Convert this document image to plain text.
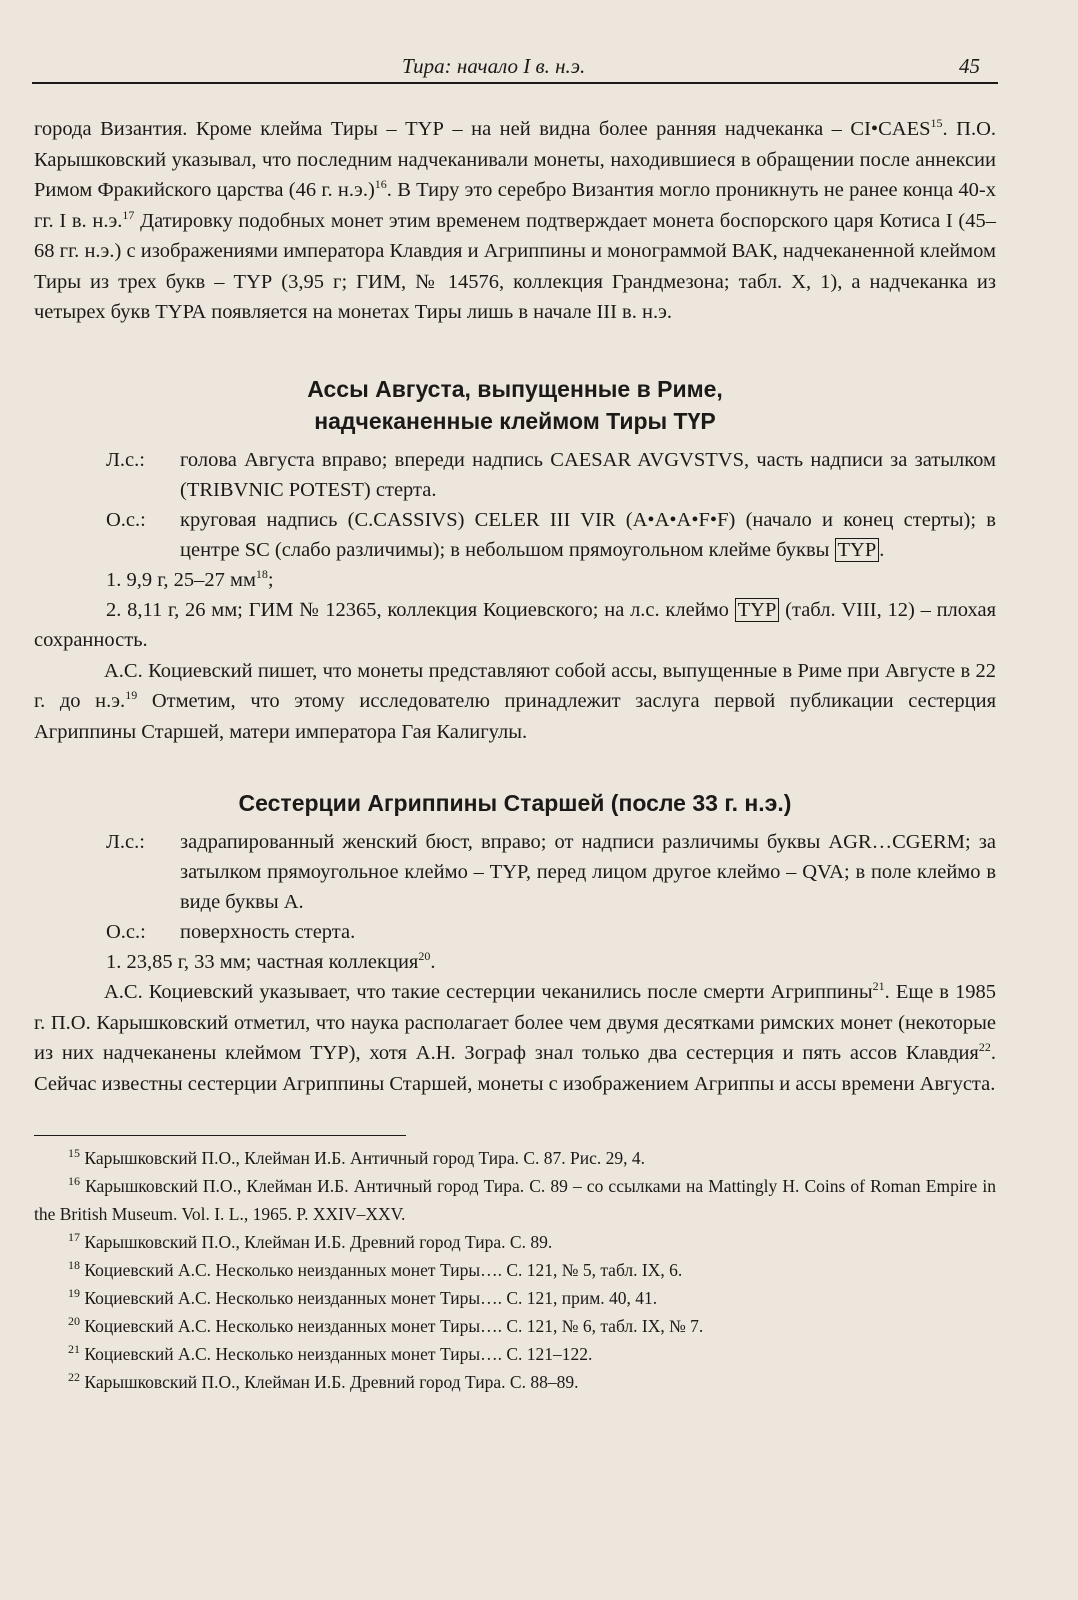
Тира: начало I в. н.э.	45

города Византия. Кроме клейма Тиры – ТҮР – на ней видна более ранняя надчеканка – CI•CAES$^{15}$. П.О. Карышковский указывал, что последним надчеканивали монеты, находившиеся в обращении после аннексии Римом Фракийского царства (46 г. н.э.)$^{16}$. В Тиру это серебро Византия могло проникнуть не ранее конца 40-х гг. I в. н.э.$^{17}$ Датировку подобных монет этим временем подтверждает монета боспорского царя Котиса I (45–68 гг. н.э.) с изображениями императора Клавдия и Агриппины и монограммой ВАК, надчеканенной клеймом Тиры из трех букв – ТҮР (3,95 г; ГИМ, № 14576, коллекция Грандмезона; табл. X, 1), а надчеканка из четырех букв ТҮРА появляется на монетах Тиры лишь в начале III в. н.э.

Ассы Августа, выпущенные в Риме,
надчеканенные клеймом Тиры ТҮР
Л.с.:	голова Августа вправо; впереди надпись CAESAR AVGVSTVS, часть надписи за затылком (TRIBVNIC POTEST) стерта.
О.с.:	круговая надпись (C.CASSIVS) CELER III VIR (A•A•A•F•F) (начало и конец стерты); в центре SC (слабо различимы); в небольшом прямоугольном клейме буквы ТҮР .
1. 9,9 г, 25–27 $мм^{18}$;

2. 8,11 г, 26 мм; ГИМ № 12365, коллекция Коциевского; на л.с. клеймо ТҮР (табл. VIII, 12) – плохая сохранность.

А.С. Коциевский пишет, что монеты представляют собой ассы, выпущенные в Риме при Августе в 22 г. до н.э.$^{19}$ Отметим, что этому исследователю принадлежит заслуга первой публикации сестерция Агриппины Старшей, матери императора Гая Калигулы.

Сестерции Агриппины Старшей (после 33 г. н.э.)
Л.с.:	задрапированный женский бюст, вправо; от надписи различимы буквы AGR…CGERM; за затылком прямоугольное клеймо – ТҮР, перед лицом другое клеймо – QVA; в поле клеймо в виде буквы А.
О.с.:	поверхность стерта.
1. 23,85 г, 33 мм; частная коллекция$^{20}$.

А.С. Коциевский указывает, что такие сестерции чеканились после смерти Агриппины$^{21}$. Еще в 1985 г. П.О. Карышковский отметил, что наука располагает более чем двумя десятками римских монет (некоторые из них надчеканены клеймом ТҮР), хотя А.Н. Зограф знал только два сестерция и пять ассов Клавдия$^{22}$. Сейчас известны сестерции Агриппины Старшей, монеты с изображением Агриппы и ассы времени Августа.

$^{15}$ Карышковский П.О., Клейман И.Б. Античный город Тира. С. 87. Рис. 29, 4.
$^{16}$ Карышковский П.О., Клейман И.Б. Античный город Тира. С. 89 – со ссылками на Mattingly H. Coins of Roman Empire in the British Museum. Vol. I. L., 1965. P. XXIV–XXV.
$^{17}$ Карышковский П.О., Клейман И.Б. Древний город Тира. С. 89.
$^{18}$ Коциевский А.С. Несколько неизданных монет Тиры…. С. 121, № 5, табл. IX, 6.
$^{19}$ Коциевский А.С. Несколько неизданных монет Тиры…. С. 121, прим. 40, 41.
$^{20}$ Коциевский А.С. Несколько неизданных монет Тиры…. С. 121, № 6, табл. IX, № 7.
$^{21}$ Коциевский А.С. Несколько неизданных монет Тиры…. С. 121–122.
$^{22}$ Карышковский П.О., Клейман И.Б. Древний город Тира. С. 88–89.
